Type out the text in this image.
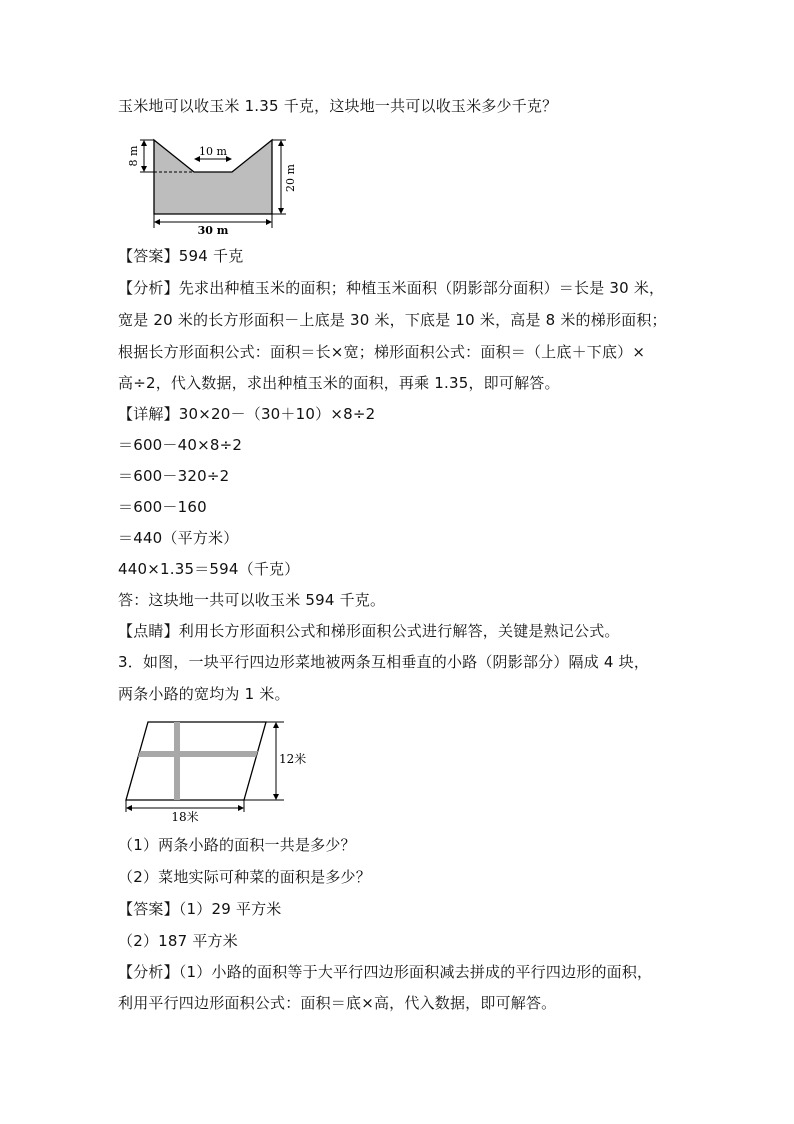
玉米地可以收玉米 1.35 千克，这块地一共可以收玉米多少千克？
8 m	10 m
20 m
30 m
【答案】594 千克
【分析】先求出种植玉米的面积；种植玉米面积（阴影部分面积）＝长是 30 米，
宽是 20 米的长方形面积－上底是 30 米，下底是 10 米，高是 8 米的梯形面积；
根据长方形面积公式：面积＝长×宽；梯形面积公式：面积＝（上底＋下底）×
高÷2，代入数据，求出种植玉米的面积，再乘 1.35，即可解答。
【详解】30×20－（30＋10）×8÷2
＝600－40×8÷2
＝600－320÷2
＝600－160
＝440（平方米）
440×1.35＝594（千克）
答：这块地一共可以收玉米 594 千克。
【点睛】利用长方形面积公式和梯形面积公式进行解答，关键是熟记公式。
3．如图，一块平行四边形菜地被两条互相垂直的小路（阴影部分）隔成 4 块，
两条小路的宽均为 1 米。
12米
18米
（1）两条小路的面积一共是多少？
（2）菜地实际可种菜的面积是多少？
【答案】（1）29 平方米
（2）187 平方米
【分析】（1）小路的面积等于大平行四边形面积减去拼成的平行四边形的面积，
利用平行四边形面积公式：面积＝底×高，代入数据，即可解答。
